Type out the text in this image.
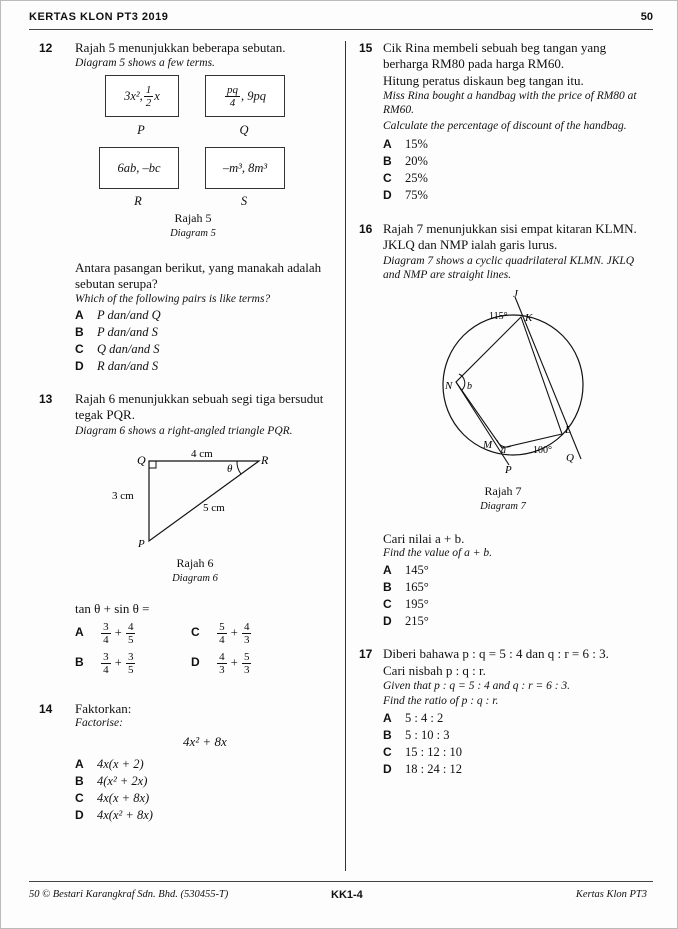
KERTAS KLON PT3 2019	50
12 Rajah 5 menunjukkan beberapa sebutan.
Diagram 5 shows a few terms.
3x², $\frac{1}{2}$ x
P
$\frac{pq}{4}$ , 9pq
Q
6ab, –bc
R
–m³, 8m³
S
Rajah 5
Diagram 5
Antara pasangan berikut, yang manakah adalah sebutan serupa?
Which of the following pairs is like terms?
A P dan/and Q
B P dan/and S
C Q dan/and S
D R dan/and S
13 Rajah 6 menunjukkan sebuah segi tiga bersudut tegak PQR.
Diagram 6 shows a right-angled triangle PQR.
Q	R
P
4 cm
3 cm
5 cm
θ
Rajah 6
Diagram 6
tan θ + sin θ =
A $\frac{3}{4} + \frac{4}{5}$	C $\frac{5}{4} + \frac{4}{3}$
B $\frac{3}{4} + \frac{3}{5}$	D $\frac{4}{3} + \frac{5}{3}$
14 Faktorkan:
Factorise:
4x² + 8x
A 4x(x + 2)
B 4(x² + 2x)
C 4x(x + 8x)
D 4x(x² + 8x)
15 Cik Rina membeli sebuah beg tangan yang berharga RM80 pada harga RM60.
Hitung peratus diskaun beg tangan itu.
Miss Rina bought a handbag with the price of RM80 at RM60.
Calculate the percentage of discount of the handbag.
A 15%
B 20%
C 25%
D 75%
16 Rajah 7 menunjukkan sisi empat kitaran KLMN. JKLQ dan NMP ialah garis lurus.
Diagram 7 shows a cyclic quadrilateral KLMN. JKLQ and NMP are straight lines.
J
K
L
M
N
P
Q
a
b
115°
100°
Rajah 7
Diagram 7
Cari nilai a + b.
Find the value of a + b.
A 145°
B 165°
C 195°
D 215°
17 Diberi bahawa p : q = 5 : 4 dan q : r = 6 : 3.
Cari nisbah p : q : r.
Given that p : q = 5 : 4 and q : r = 6 : 3.
Find the ratio of p : q : r.
A 5 : 4 : 2
B 5 : 10 : 3
C 15 : 12 : 10
D 18 : 24 : 12
50 © Bestari Karangkraf Sdn. Bhd. (530455-T)	KK1-4	Kertas Klon PT3
